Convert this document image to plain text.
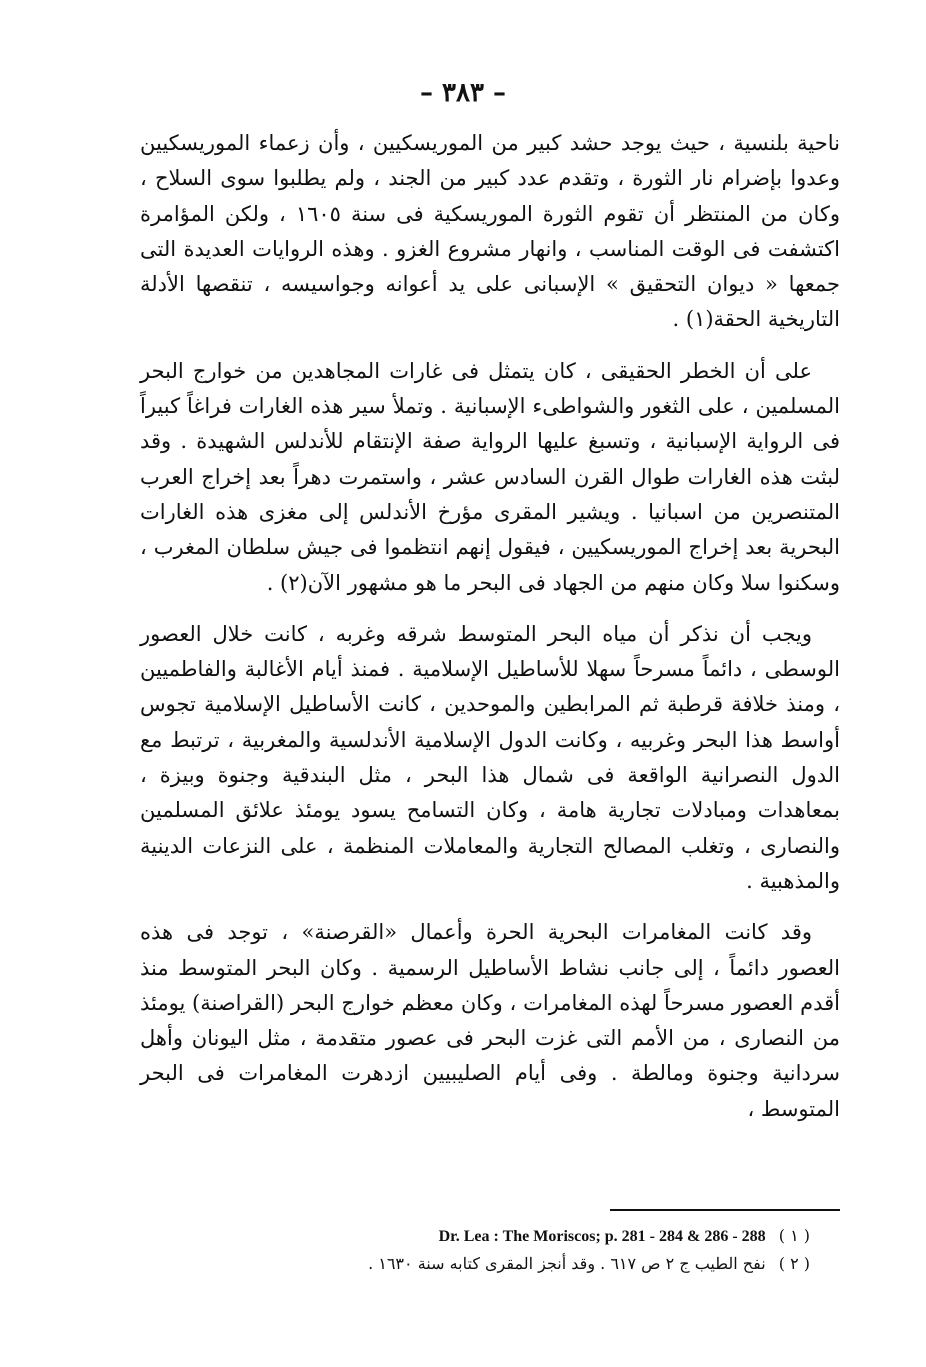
– ٣٨٣ –

ناحية بلنسية ، حيث يوجد حشد كبير من الموريسكيين ، وأن زعماء الموريسكيين وعدوا بإضرام نار الثورة ، وتقدم عدد كبير من الجند ، ولم يطلبوا سوى السلاح ، وكان من المنتظر أن تقوم الثورة الموريسكية فى سنة ١٦٠٥ ، ولكن المؤامرة اكتشفت فى الوقت المناسب ، وانهار مشروع الغزو . وهذه الروايات العديدة التى جمعها « ديوان التحقيق » الإسبانى على يد أعوانه وجواسيسه ، تنقصها الأدلة التاريخية الحقة(١) .

على أن الخطر الحقيقى ، كان يتمثل فى غارات المجاهدين من خوارج البحر المسلمين ، على الثغور والشواطىء الإسبانية . وتملأ سير هذه الغارات فراغاً كبيراً فى الرواية الإسبانية ، وتسبغ عليها الرواية صفة الإنتقام للأندلس الشهيدة . وقد لبثت هذه الغارات طوال القرن السادس عشر ، واستمرت دهراً بعد إخراج العرب المتنصرين من اسبانيا . ويشير المقرى مؤرخ الأندلس إلى مغزى هذه الغارات البحرية بعد إخراج الموريسكيين ، فيقول إنهم انتظموا فى جيش سلطان المغرب ، وسكنوا سلا وكان منهم من الجهاد فى البحر ما هو مشهور الآن(٢) .

ويجب أن نذكر أن مياه البحر المتوسط شرقه وغربه ، كانت خلال العصور الوسطى ، دائماً مسرحاً سهلا للأساطيل الإسلامية . فمنذ أيام الأغالبة والفاطميين ، ومنذ خلافة قرطبة ثم المرابطين والموحدين ، كانت الأساطيل الإسلامية تجوس أواسط هذا البحر وغربيه ، وكانت الدول الإسلامية الأندلسية والمغربية ، ترتبط مع الدول النصرانية الواقعة فى شمال هذا البحر ، مثل البندقية وجنوة وبيزة ، بمعاهدات ومبادلات تجارية هامة ، وكان التسامح يسود يومئذ علائق المسلمين والنصارى ، وتغلب المصالح التجارية والمعاملات المنظمة ، على النزعات الدينية والمذهبية .

وقد كانت المغامرات البحرية الحرة وأعمال «القرصنة» ، توجد فى هذه العصور دائماً ، إلى جانب نشاط الأساطيل الرسمية . وكان البحر المتوسط منذ أقدم العصور مسرحاً لهذه المغامرات ، وكان معظم خوارج البحر (القراصنة) يومئذ من النصارى ، من الأمم التى غزت البحر فى عصور متقدمة ، مثل اليونان وأهل سردانية وجنوة ومالطة . وفى أيام الصليبيين ازدهرت المغامرات فى البحر المتوسط ،

( ١ ) Dr. Lea : The Moriscos; p. 281 - 284 & 286 - 288
( ٢ ) نفح الطيب ج ٢ ص ٦١٧ . وقد أنجز المقرى كتابه سنة ١٦٣٠ .
